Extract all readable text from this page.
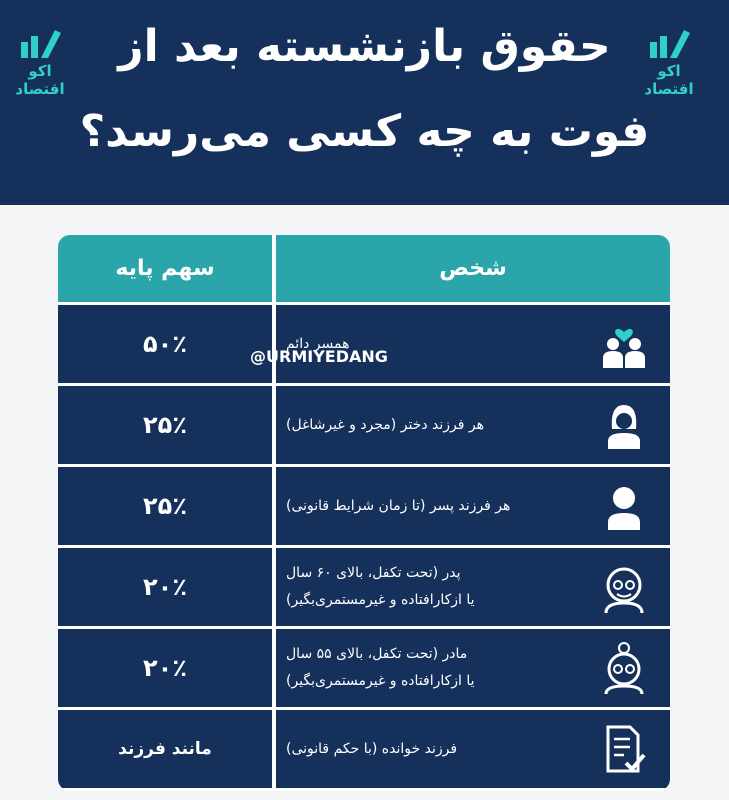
اکو اقتصاد
حقوق بازنشسته بعد از
فوت به چه کسی می‌رسد؟
اکو اقتصاد
سهم پایه	شخص
۵۰٪	همسر دائم
۲۵٪	هر فرزند دختر (مجرد و غیرشاغل)
۲۵٪	هر فرزند پسر (تا زمان شرایط قانونی)
۲۰٪	پدر (تحت تکفل، بالای ۶۰ سال
یا ازکارافتاده و غیرمستمری‌بگیر)
۲۰٪	مادر (تحت تکفل، بالای ۵۵ سال
یا ازکارافتاده و غیرمستمری‌بگیر)
مانند فرزند	فرزند خوانده (با حکم قانونی)
@URMIYEDANG
